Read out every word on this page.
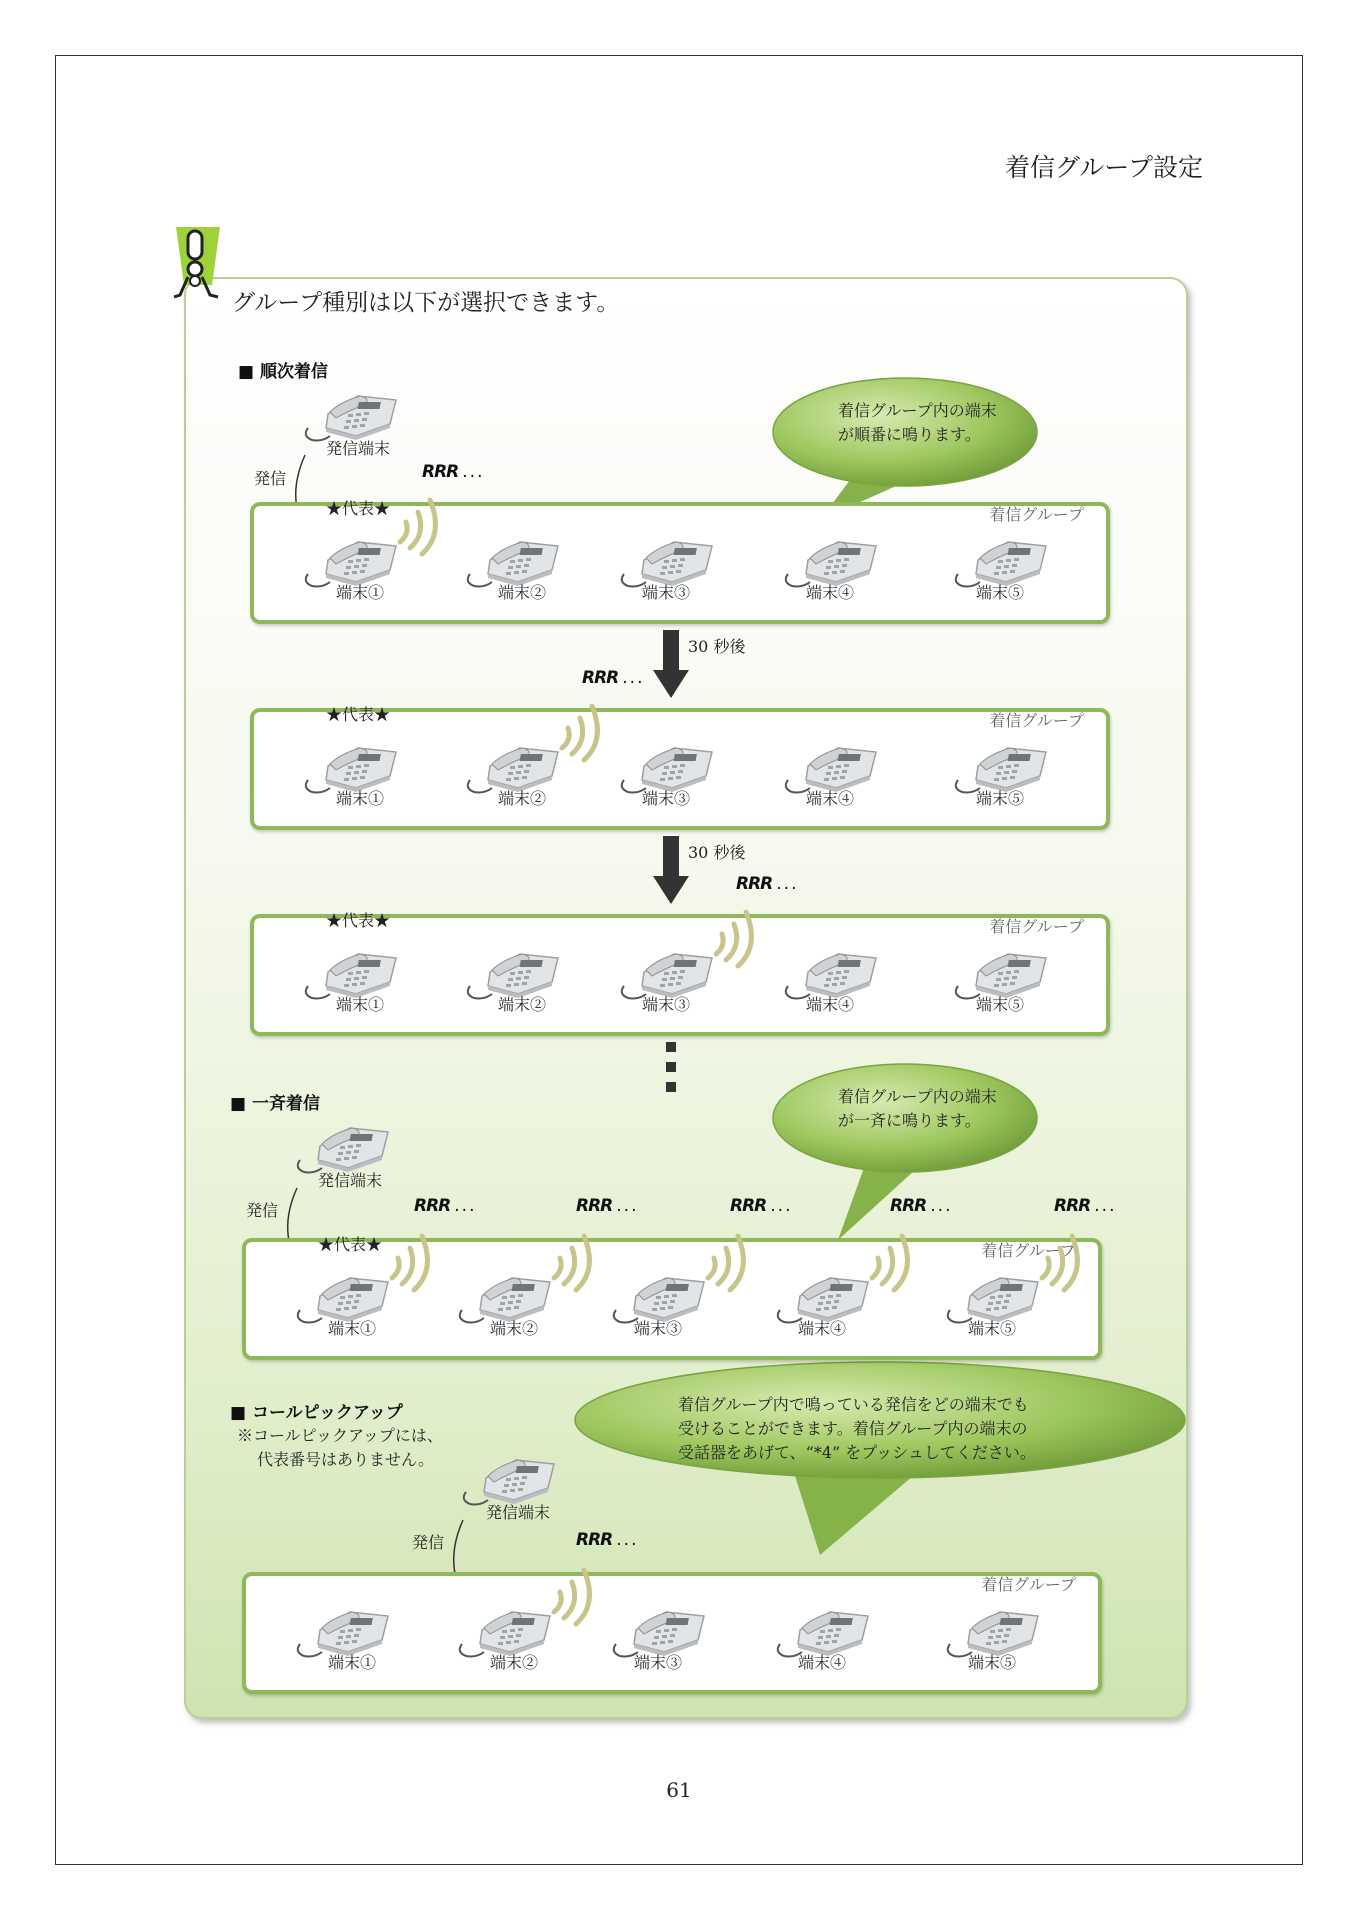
着信グループ設定
グループ種別は以下が選択できます。
■ 順次着信
■ 一斉着信
■ コールピックアップ
※コールピックアップには、
代表番号はありません。
着信グループ内の端末
が順番に鳴ります。
着信グループ内の端末
が一斉に鳴ります。
着信グループ内で鳴っている発信をどの端末でも
受けることができます。着信グループ内の端末の
受話器をあげて、“*4” をプッシュしてください。
30 秒後
30 秒後
着信グループ
着信グループ
着信グループ
着信グループ
着信グループ
発信端末
発信	RRR ...
★代表★
端末①	端末②	端末③	端末④	端末⑤
RRR ...
★代表★
端末①	端末②	端末③	端末④	端末⑤
RRR ...
★代表★
端末①	端末②	端末③	端末④	端末⑤
発信端末
発信	RRR ...	RRR ...	RRR ...	RRR ...	RRR ...
★代表★
端末①	端末②	端末③	端末④	端末⑤
発信端末
発信	RRR ...
端末①	端末②	端末③	端末④	端末⑤
61
